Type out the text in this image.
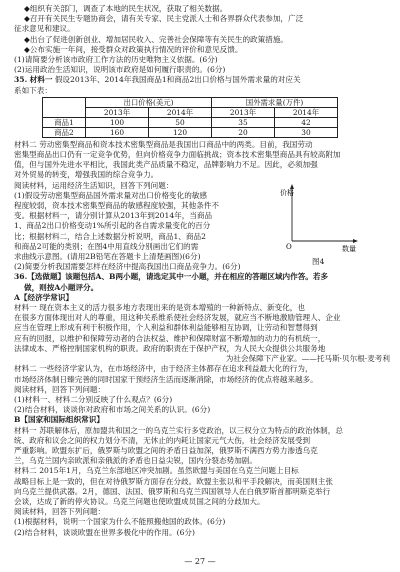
◆组织有关部门，调查了本地的民生状况，获取了相关数据。
◆召开有关民生专题协商会，请有关专家、民主党派人士和各界群众代表参加，广泛
征求意见和建议。
◆出台了促进创新创业、增加居民收入、完善社会保障等有关民生的政策措施。
◆公布实施一年间，接受群众对政策执行情况的评价和意见反馈。
(1)请简要分析该市政府工作方法的历史唯物主义依据。(6分)
(2)运用政治生活知识，说明该市政府是如何履行职责的。(6分)
35. 材料一 假设2013年、2014年我国商品1和商品2出口价格与国外需求量的对应关
系如下表：
	出口价格(美元)		国外需求量(万件)	
	2013年	2014年	2013年	2014年
商品1	100	50	35	42
商品2	160	120	20	30
材料二 劳动密集型商品和资本技术密集型商品是我国出口商品中的两类。目前，我国劳动
密集型商品出口仍有一定竞争优势，但向价格竞争力面临挑战；资本技术密集型商品具有较高附加
值，但与国外先进水平相比，我国此类产品质量不稳定，品牌影响力不足。因此，必须加强
对外贸易的转变，增强我国的综合竞争力。
阅读材料，运用经济生活知识，回答下列问题：
(1)假设劳动密集型商品国外需求量对出口价格变化的敏感
程度较弱，资本技术密集型商品的敏感程度较强，其他条件不
变。根据材料一，请分别计算从2013年到2014年，当商品
1、商品2出口价格变动1%所引起的各自需求量变化的百分
比；根据材料二，结合上述数据分析说明，商品1、商品2
和商品2可能的类别；在图4中用直线分别画出它们的需
求曲线示意图。(请用2B铅笔在答题卡上清楚画图)(6分)
(2)简要分析我国需要怎样在经济中提高我国出口商品竞争力。(6分)
36.【选做题】该题包括A、B两小题，请选定其中一小题，并在相应的答题区域内作答。若多
做，则按A小题评分。
A【经济学常识】
材料一 现在资本主义的活力很多地方表现出来的是资本增殖的一种新特点、新变化，也
在很多方面体现出对人的尊重，用这种关系维系使社会经济发展，就应当不断地激励管理人、企业
应当在管理上形成有利于积极作用，个人利益和群体利益能够相互协调，让劳动和智慧得到
应有的回报，以维护和保障劳动者的合法权益、维护和保障财富不断增加的动力的有机统一，
法律成本、严格控制国家机构的职责。政府的职责在于保护产权，为人民大众提供公共服务地
为社会保障下产业家。——托马斯·贝尔根·麦考利
材料二 一些经济学家认为，在市场经济中，由于经济主体都存在追求利益最大化的行为，
市场经济体制日臻完善的同时国家干预经济生活而逐渐消除，市场经济的优点将越来越多。
阅读材料，回答下列问题：
(1)材料一、材料二分别反映了什么观点？(6分)
(2)结合材料，谈谈你对政府和市场之间关系的认识。(6分)
B【国家和国际组织常识】
材料一 苏联解体后，原加盟共和国之一的乌克兰实行多党政治，以三权分立为特点的政治体制，总
统、政府和议会之间的权力划分不清，无休止的内耗让国家元气大伤，社会经济发展受到
严重影响。欧盟东扩后，俄罗斯与欧盟之间的矛盾日益加深，俄罗斯不满西方势力渗透乌克
兰，乌克兰国内亲欧派和亲俄派的矛盾也日益尖锐，国内分裂态势加剧。
材料二 2015年1月，乌克兰东部地区冲突加剧。虽然欧盟与美国在乌克兰问题上目标
战略目标上是一致的，但在对待俄罗斯方面存在分歧。欧盟主张以和平手段解决，而美国则主张
向乌克兰提供武器。2月，德国、法国、俄罗斯和乌克兰四国领导人在白俄罗斯首都明斯克举行
会谈，达成了新的停火协议。乌克兰问题也使欧盟成员国之间的分歧加大。
阅读材料，回答下列问题：
(1)根据材料，说明一个国家为什么不能照搬他国的政体。(6分)
(2)结合材料，谈谈欧盟在世界多极化中的作用。(6分)
价格
O	数量
图4
— 27 —
